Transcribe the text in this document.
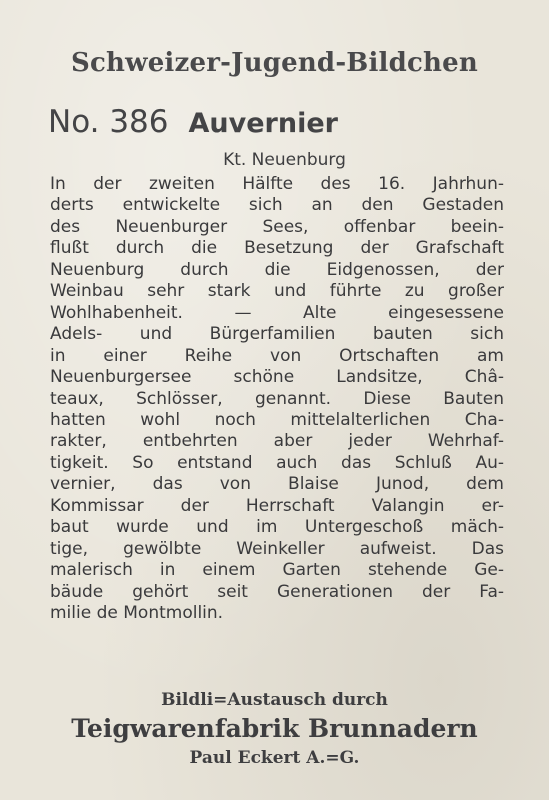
Schweizer-Jugend-Bildchen
No. 386 Auvernier
Kt. Neuenburg
In der zweiten Hälfte des 16. Jahrhun-
derts entwickelte sich an den Gestaden
des Neuenburger Sees, offenbar beein-
flußt durch die Besetzung der Grafschaft
Neuenburg durch die Eidgenossen, der
Weinbau sehr stark und führte zu großer
Wohlhabenheit. — Alte eingesessene
Adels- und Bürgerfamilien bauten sich
in einer Reihe von Ortschaften am
Neuenburgersee schöne Landsitze, Châ-
teaux, Schlösser, genannt. Diese Bauten
hatten wohl noch mittelalterlichen Cha-
rakter, entbehrten aber jeder Wehrhaf-
tigkeit. So entstand auch das Schluß Au-
vernier, das von Blaise Junod, dem
Kommissar der Herrschaft Valangin er-
baut wurde und im Untergeschoß mäch-
tige, gewölbte Weinkeller aufweist. Das
malerisch in einem Garten stehende Ge-
bäude gehört seit Generationen der Fa-
milie de Montmollin.
Bildli=Austausch durch
Teigwarenfabrik Brunnadern
Paul Eckert A.=G.
